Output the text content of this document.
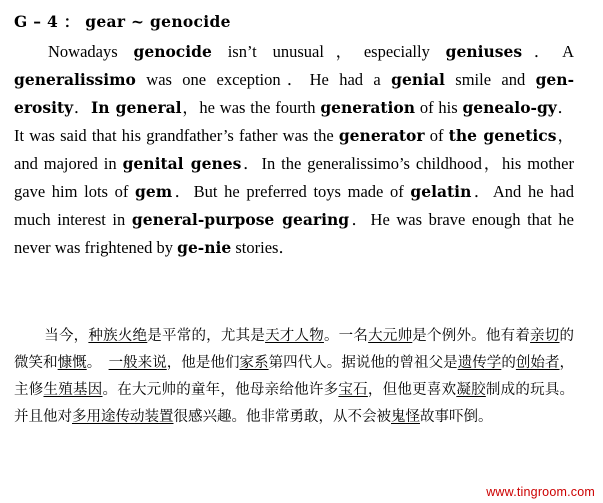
G – 4 ： gear ~ genocide
Nowadays genocide isn’t unusual，especially geniuses．A generalissimo was one exception．He had a genial smile and gen-erosity．In general，he was the fourth generation of his genealo-gy．It was said that his grandfather’s father was the generator of the genetics，and majored in genital genes．In the generalissimo’s childhood，his mother gave him lots of gem．But he preferred toys made of gelatin．And he had much interest in general-purpose gearing．He was brave enough that he never was frightened by ge-nie stories．
当今，种族火绝是平常的，尤其是天才人物。一名大元帅是个例外。他有着亲切的微笑和慷慨。　一般来说，他是他们家系第四代人。据说他的曾祖父是遗传学的创始者，主修生殖基因。在大元帅的童年，他母亲给他许多宝石，但他更喜欢凝胶制成的玩具。并且他对多用途传动装置很感兴趣。他非常勇敢，从不会被鬼怪故事吓倒。
www.tingroom.com
